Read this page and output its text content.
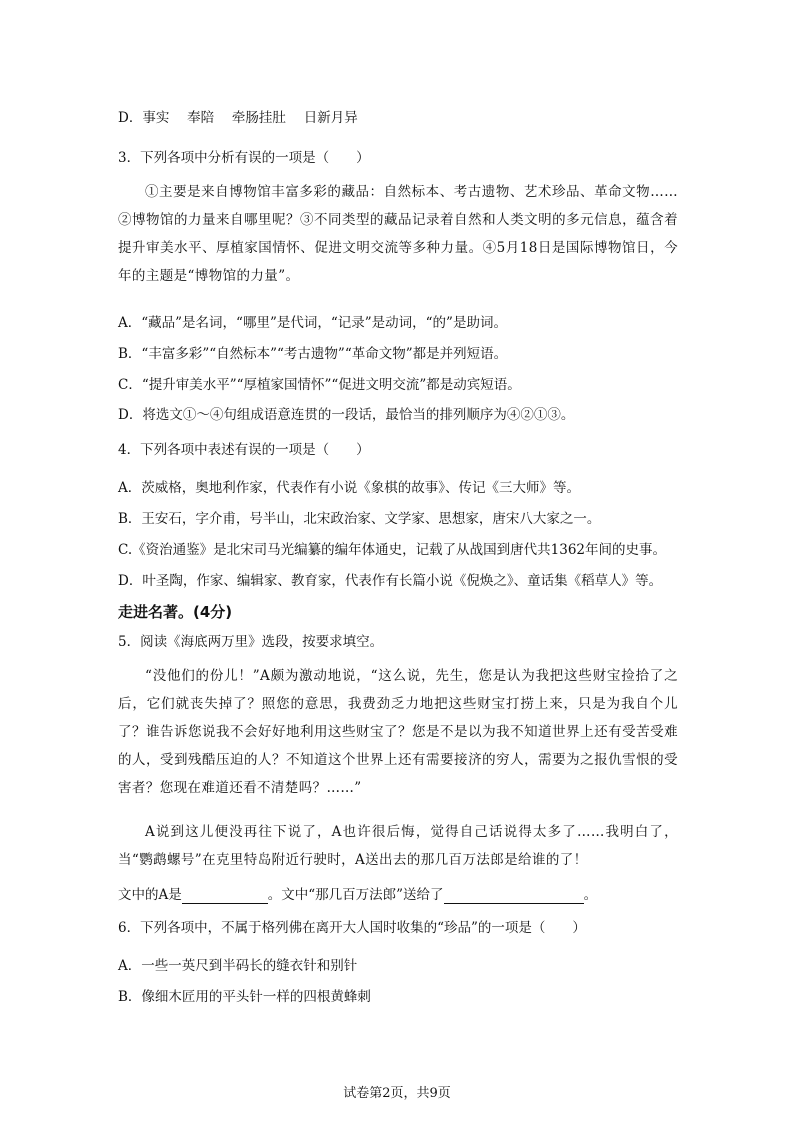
D．事实　 奉陪　 牵肠挂肚　 日新月异
3．下列各项中分析有误的一项是（　　）

①主要是来自博物馆丰富多彩的藏品：自然标本、考古遗物、艺术珍品、革命文物……②博物馆的力量来自哪里呢？③不同类型的藏品记录着自然和人类文明的多元信息，蕴含着提升审美水平、厚植家国情怀、促进文明交流等多种力量。④5月18日是国际博物馆日，今年的主题是“博物馆的力量”。

A．“藏品”是名词，“哪里”是代词，“记录”是动词，“的”是助词。
B．“丰富多彩”“自然标本”“考古遗物”“革命文物”都是并列短语。
C．“提升审美水平”“厚植家国情怀”“促进文明交流”都是动宾短语。
D．将选文①～④句组成语意连贯的一段话，最恰当的排列顺序为④②①③。
4．下列各项中表述有误的一项是（　　）
A．茨威格，奥地利作家，代表作有小说《象棋的故事》、传记《三大师》等。
B．王安石，字介甫，号半山，北宋政治家、文学家、思想家，唐宋八大家之一。
C.《资治通鉴》是北宋司马光编纂的编年体通史，记载了从战国到唐代共1362年间的史事。
D．叶圣陶，作家、编辑家、教育家，代表作有长篇小说《倪焕之》、童话集《稻草人》等。
走进名著。(4分)
5．阅读《海底两万里》选段，按要求填空。

“没他们的份儿！”A颇为激动地说，“这么说，先生，您是认为我把这些财宝捡拾了之后，它们就丧失掉了？照您的意思，我费劲乏力地把这些财宝打捞上来，只是为我自个儿了？谁告诉您说我不会好好地利用这些财宝了？您是不是以为我不知道世界上还有受苦受难的人，受到残酷压迫的人？不知道这个世界上还有需要接济的穷人，需要为之报仇雪恨的受害者？您现在难道还看不清楚吗？……”

A说到这儿便没再往下说了，A也许很后悔，觉得自己话说得太多了……我明白了，当“鹦鹉螺号”在克里特岛附近行驶时，A送出去的那几百万法郎是给谁的了！

文中的A是	。文中“那几百万法郎”送给了	。
6．下列各项中，不属于格列佛在离开大人国时收集的“珍品”的一项是（　　）
A．一些一英尺到半码长的缝衣针和别针
B．像细木匠用的平头针一样的四根黄蜂刺
试卷第2页，共9页
